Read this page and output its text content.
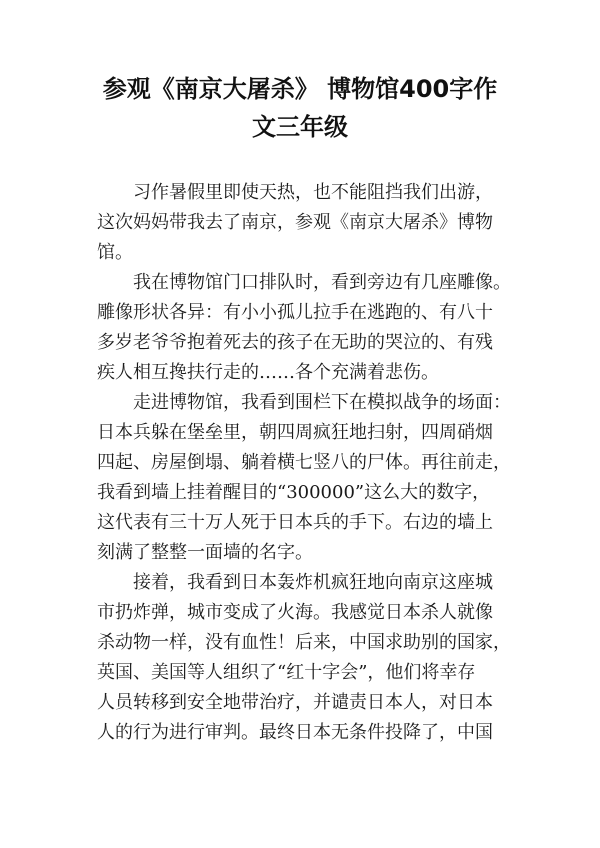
参观《南京大屠杀》 博物馆400字作
文三年级
习作暑假里即使天热，也不能阻挡我们出游，
这次妈妈带我去了南京，参观《南京大屠杀》博物
馆。
我在博物馆门口排队时，看到旁边有几座雕像。
雕像形状各异：有小小孤儿拉手在逃跑的、有八十
多岁老爷爷抱着死去的孩子在无助的哭泣的、有残
疾人相互搀扶行走的……各个充满着悲伤。
走进博物馆，我看到围栏下在模拟战争的场面：
日本兵躲在堡垒里，朝四周疯狂地扫射，四周硝烟
四起、房屋倒塌、躺着横七竖八的尸体。再往前走，
我看到墙上挂着醒目的“300000”这么大的数字，
这代表有三十万人死于日本兵的手下。右边的墙上
刻满了整整一面墙的名字。
接着，我看到日本轰炸机疯狂地向南京这座城
市扔炸弹，城市变成了火海。我感觉日本杀人就像
杀动物一样，没有血性！后来，中国求助别的国家，
英国、美国等人组织了“红十字会”，他们将幸存
人员转移到安全地带治疗，并谴责日本人，对日本
人的行为进行审判。最终日本无条件投降了，中国
